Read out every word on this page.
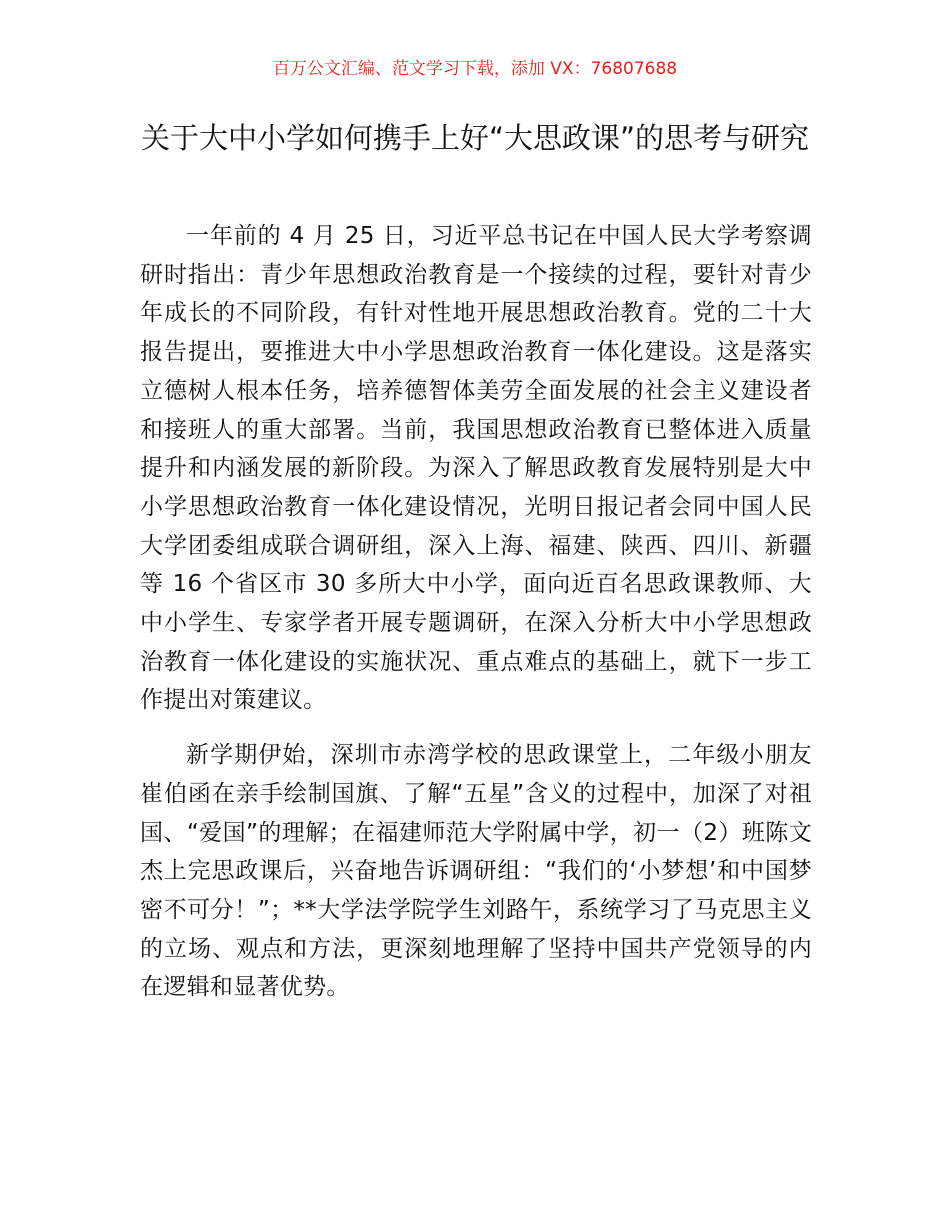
百万公文汇编、范文学习下载，添加 VX：76807688
关于大中小学如何携手上好“大思政课”的思考与研究

一年前的 4 月 25 日，习近平总书记在中国人民大学考察调研时指出：青少年思想政治教育是一个接续的过程，要针对青少年成长的不同阶段，有针对性地开展思想政治教育。党的二十大报告提出，要推进大中小学思想政治教育一体化建设。这是落实立德树人根本任务，培养德智体美劳全面发展的社会主义建设者和接班人的重大部署。当前，我国思想政治教育已整体进入质量提升和内涵发展的新阶段。为深入了解思政教育发展特别是大中小学思想政治教育一体化建设情况，光明日报记者会同中国人民大学团委组成联合调研组，深入上海、福建、陕西、四川、新疆等 16 个省区市 30 多所大中小学，面向近百名思政课教师、大中小学生、专家学者开展专题调研，在深入分析大中小学思想政治教育一体化建设的实施状况、重点难点的基础上，就下一步工作提出对策建议。

新学期伊始，深圳市赤湾学校的思政课堂上，二年级小朋友崔伯函在亲手绘制国旗、了解“五星”含义的过程中，加深了对祖国、“爱国”的理解；在福建师范大学附属中学，初一（2）班陈文杰上完思政课后，兴奋地告诉调研组：“我们的‘小梦想’和中国梦密不可分！”；**大学法学院学生刘路午，系统学习了马克思主义的立场、观点和方法，更深刻地理解了坚持中国共产党领导的内在逻辑和显著优势。
